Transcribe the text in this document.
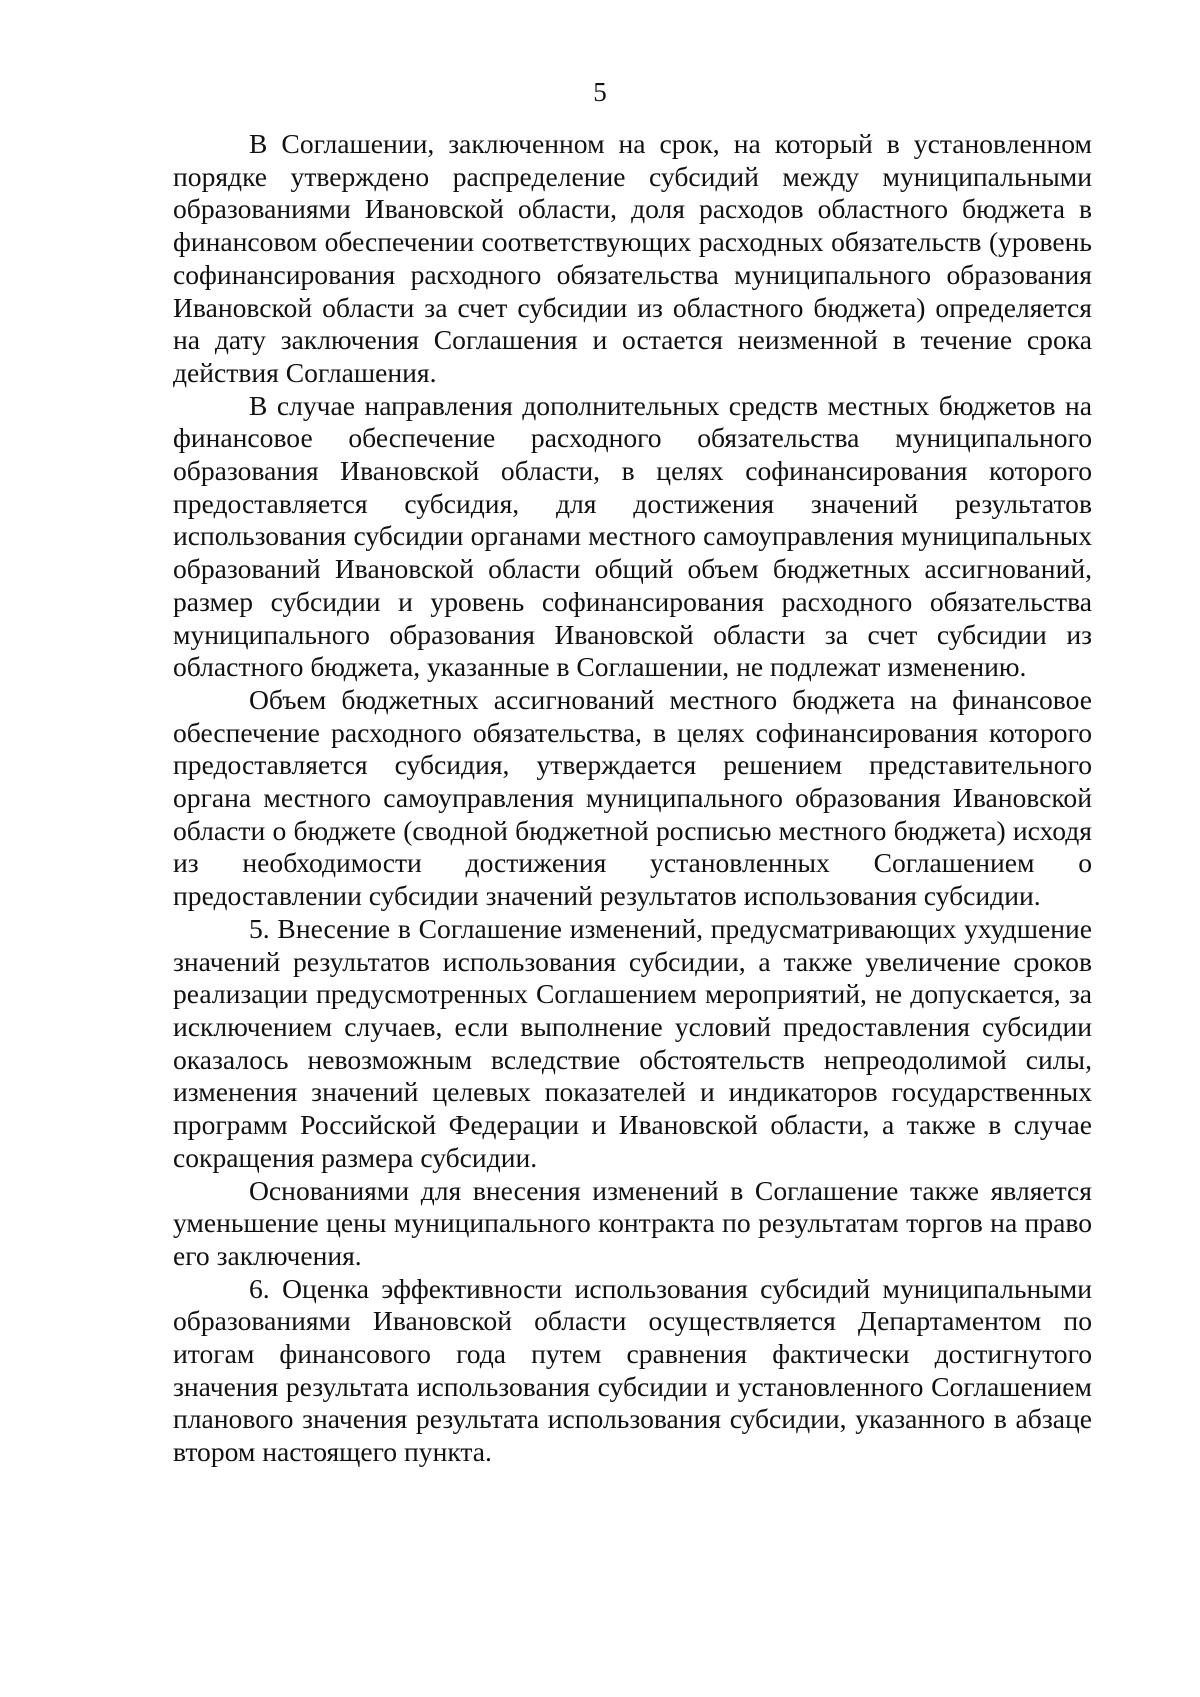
5

В Соглашении, заключенном на срок, на который в установленном порядке утверждено распределение субсидий между муниципальными образованиями Ивановской области, доля расходов областного бюджета в финансовом обеспечении соответствующих расходных обязательств (уровень софинансирования расходного обязательства муниципального образования Ивановской области за счет субсидии из областного бюджета) определяется на дату заключения Соглашения и остается неизменной в течение срока действия Соглашения.

В случае направления дополнительных средств местных бюджетов на финансовое обеспечение расходного обязательства муниципального образования Ивановской области, в целях софинансирования которого предоставляется субсидия, для достижения значений результатов использования субсидии органами местного самоуправления муниципальных образований Ивановской области общий объем бюджетных ассигнований, размер субсидии и уровень софинансирования расходного обязательства муниципального образования Ивановской области за счет субсидии из областного бюджета, указанные в Соглашении, не подлежат изменению.

Объем бюджетных ассигнований местного бюджета на финансовое обеспечение расходного обязательства, в целях софинансирования которого предоставляется субсидия, утверждается решением представительного органа местного самоуправления муниципального образования Ивановской области о бюджете (сводной бюджетной росписью местного бюджета) исходя из необходимости достижения установленных Соглашением о предоставлении субсидии значений результатов использования субсидии.

5. Внесение в Соглашение изменений, предусматривающих ухудшение значений результатов использования субсидии, а также увеличение сроков реализации предусмотренных Соглашением мероприятий, не допускается, за исключением случаев, если выполнение условий предоставления субсидии оказалось невозможным вследствие обстоятельств непреодолимой силы, изменения значений целевых показателей и индикаторов государственных программ Российской Федерации и Ивановской области, а также в случае сокращения размера субсидии.

Основаниями для внесения изменений в Соглашение также является уменьшение цены муниципального контракта по результатам торгов на право его заключения.

6. Оценка эффективности использования субсидий муниципальными образованиями Ивановской области осуществляется Департаментом по итогам финансового года путем сравнения фактически достигнутого значения результата использования субсидии и установленного Соглашением планового значения результата использования субсидии, указанного в абзаце втором настоящего пункта.
